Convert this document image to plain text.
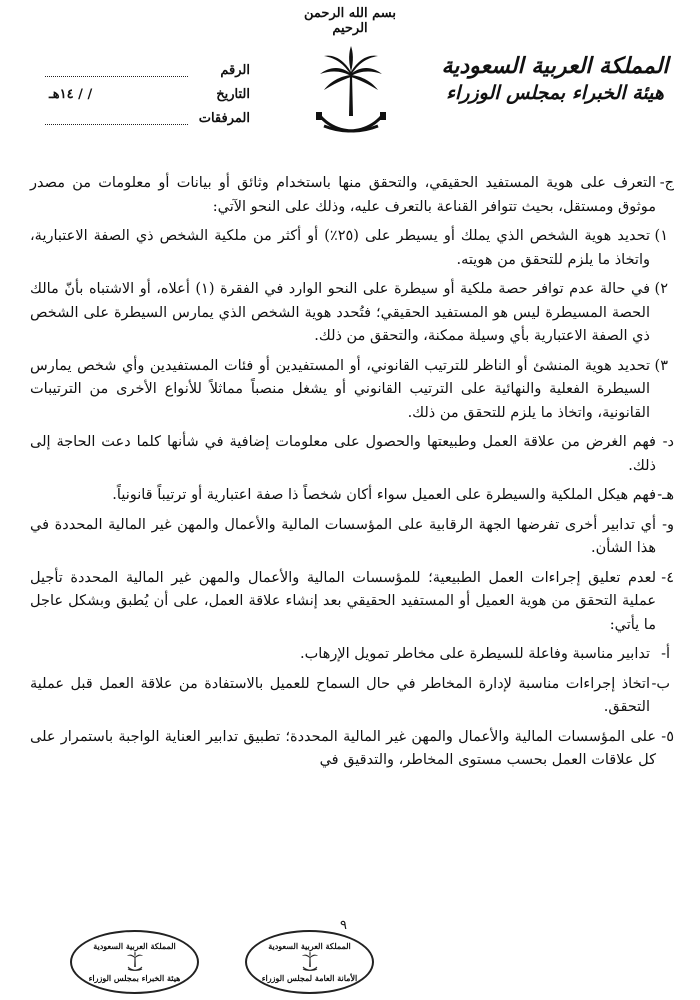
بسم الله الرحمن الرحيم
المملكة العربية السعودية
هيئة الخبراء بمجلس الوزراء
الرقم
التاريخ
/ / ١٤هـ
المرفقات
ج-
التعرف على هوية المستفيد الحقيقي، والتحقق منها باستخدام وثائق أو بيانات أو معلومات من مصدر موثوق ومستقل، بحيث تتوافر القناعة بالتعرف عليه، وذلك على النحو الآتي:
١)
تحديد هوية الشخص الذي يملك أو يسيطر على (٢٥٪) أو أكثر من ملكية الشخص ذي الصفة الاعتبارية، واتخاذ ما يلزم للتحقق من هويته.
٢)
في حالة عدم توافر حصة ملكية أو سيطرة على النحو الوارد في الفقرة (١) أعلاه، أو الاشتباه بأنّ مالك الحصة المسيطرة ليس هو المستفيد الحقيقي؛ فتُحدد هوية الشخص الذي يمارس السيطرة على الشخص ذي الصفة الاعتبارية بأي وسيلة ممكنة، والتحقق من ذلك.
٣)
تحديد هوية المنشئ أو الناظر للترتيب القانوني، أو المستفيدين أو فئات المستفيدين وأي شخص يمارس السيطرة الفعلية والنهائية على الترتيب القانوني أو يشغل منصباً مماثلاً للأنواع الأخرى من الترتيبات القانونية، واتخاذ ما يلزم للتحقق من ذلك.
د-
فهم الغرض من علاقة العمل وطبيعتها والحصول على معلومات إضافية في شأنها كلما دعت الحاجة إلى ذلك.
هـ-
فهم هيكل الملكية والسيطرة على العميل سواء أكان شخصاً ذا صفة اعتبارية أو ترتيباً قانونياً.
و-
أي تدابير أخرى تفرضها الجهة الرقابية على المؤسسات المالية والأعمال والمهن غير المالية المحددة في هذا الشأن.
٤-
لعدم تعليق إجراءات العمل الطبيعية؛ للمؤسسات المالية والأعمال والمهن غير المالية المحددة تأجيل عملية التحقق من هوية العميل أو المستفيد الحقيقي بعد إنشاء علاقة العمل، على أن يُطبق وبشكل عاجل ما يأتي:
أ-
تدابير مناسبة وفاعلة للسيطرة على مخاطر تمويل الإرهاب.
ب-
اتخاذ إجراءات مناسبة لإدارة المخاطر في حال السماح للعميل بالاستفادة من علاقة العمل قبل عملية التحقق.
٥-
على المؤسسات المالية والأعمال والمهن غير المالية المحددة؛ تطبيق تدابير العناية الواجبة باستمرار على كل علاقات العمل بحسب مستوى المخاطر، والتدقيق في
٩
المملكة العربية السعودية
الأمانة العامة لمجلس الوزراء
المملكة العربية السعودية
هيئة الخبراء بمجلس الوزراء
